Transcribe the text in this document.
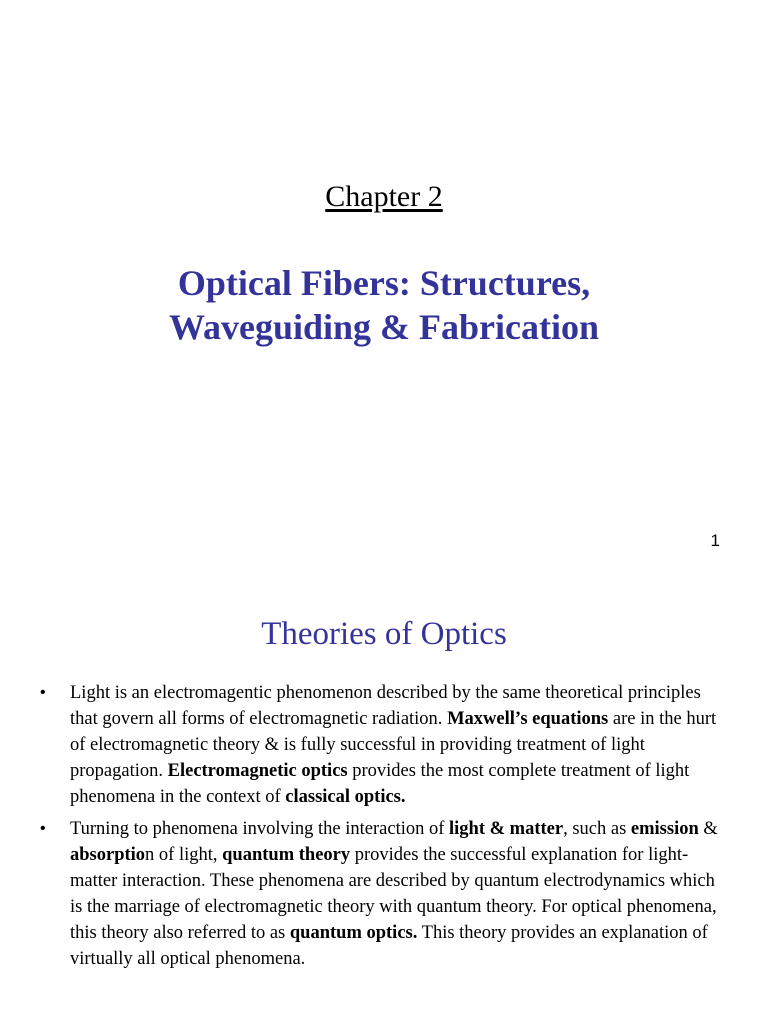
Chapter 2
Optical Fibers: Structures,
Waveguiding & Fabrication
1
Theories of Optics
• Light is an electromagentic phenomenon described by the same theoretical principles that govern all forms of electromagnetic radiation. Maxwell’s equations are in the hurt of electromagnetic theory & is fully successful in providing treatment of light propagation. Electromagnetic optics provides the most complete treatment of light phenomena in the context of classical optics.
• Turning to phenomena involving the interaction of light & matter, such as emission & absorption of light, quantum theory provides the successful explanation for light-matter interaction. These phenomena are described by quantum electrodynamics which is the marriage of electromagnetic theory with quantum theory. For optical phenomena, this theory also referred to as quantum optics. This theory provides an explanation of virtually all optical phenomena.
